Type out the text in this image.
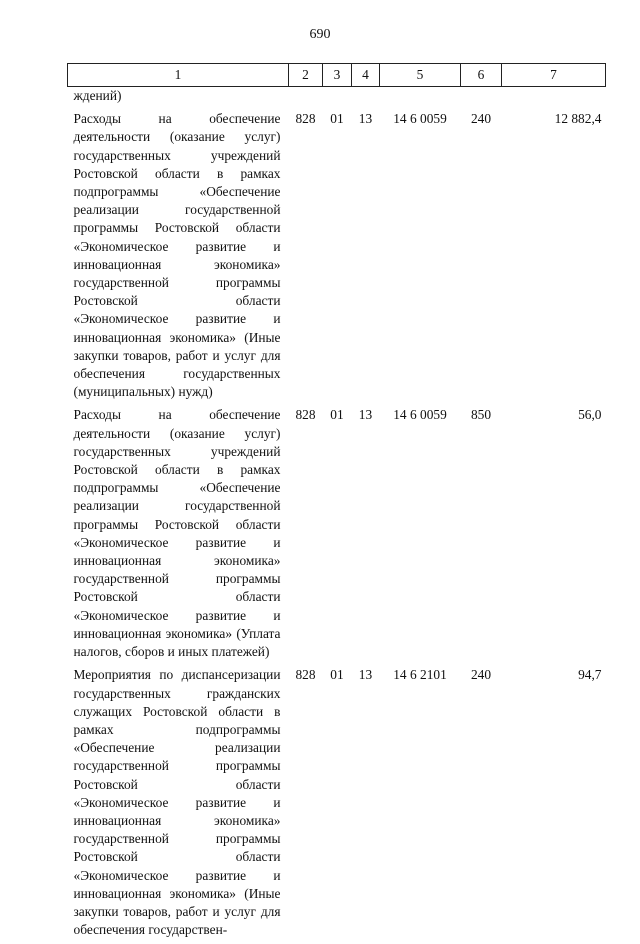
690
1	2	3	4	5	6	7
ждений)						
Расходы на обеспечение деятельности (оказание услуг) государственных учреждений Ростовской области в рамках подпрограммы «Обеспечение реализации государственной программы Ростовской области «Экономическое развитие и инновационная экономика» государственной программы Ростовской области «Экономическое развитие и инновационная экономика» (Иные закупки товаров, работ и услуг для обеспечения государственных (муниципальных) нужд)	828	01	13	14 6 0059	240	12 882,4
Расходы на обеспечение деятельности (оказание услуг) государственных учреждений Ростовской области в рамках подпрограммы «Обеспечение реализации государственной программы Ростовской области «Экономическое развитие и инновационная экономика» государственной программы Ростовской области «Экономическое развитие и инновационная экономика» (Уплата налогов, сборов и иных платежей)	828	01	13	14 6 0059	850	56,0
Мероприятия по диспансеризации государственных гражданских служащих Ростовской области в рамках подпрограммы «Обеспечение реализации государственной программы Ростовской области «Экономическое развитие и инновационная экономика» государственной программы Ростовской области «Экономическое развитие и инновационная экономика» (Иные закупки товаров, работ и услуг для обеспечения государствен-	828	01	13	14 6 2101	240	94,7
